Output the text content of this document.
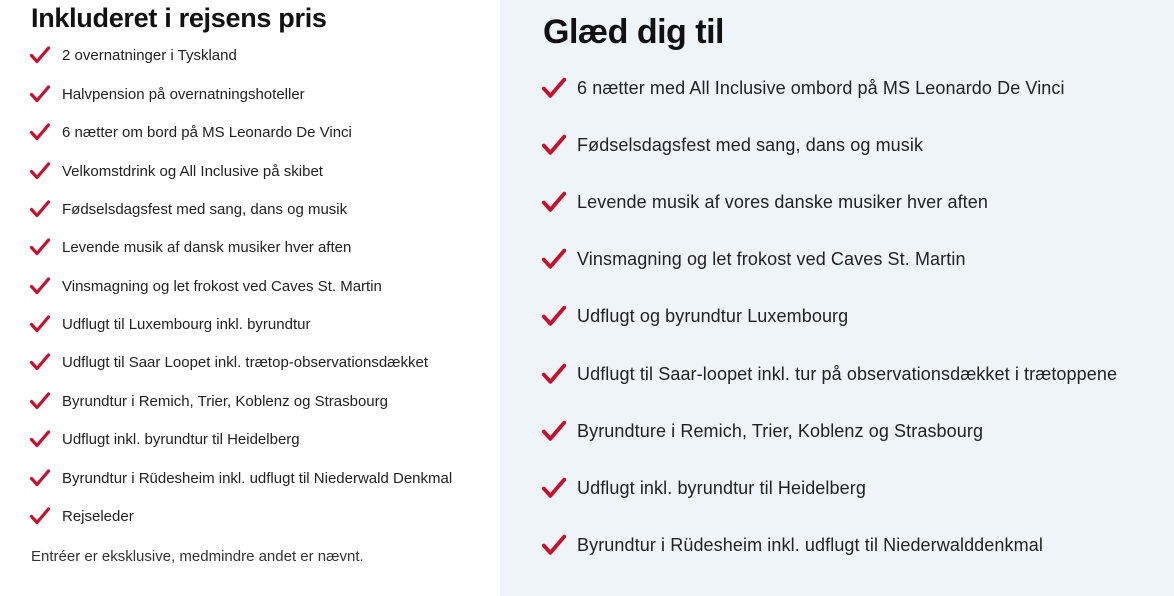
Inkluderet i rejsens pris
2 overnatninger i Tyskland
Halvpension på overnatningshoteller
6 nætter om bord på MS Leonardo De Vinci
Velkomstdrink og All Inclusive på skibet
Fødselsdagsfest med sang, dans og musik
Levende musik af dansk musiker hver aften
Vinsmagning og let frokost ved Caves St. Martin
Udflugt til Luxembourg inkl. byrundtur
Udflugt til Saar Loopet inkl. trætop-observationsdækket
Byrundtur i Remich, Trier, Koblenz og Strasbourg
Udflugt inkl. byrundtur til Heidelberg
Byrundtur i Rüdesheim inkl. udflugt til Niederwald Denkmal
Rejseleder

Entréer er eksklusive, medmindre andet er nævnt.

Glæd dig til
6 nætter med All Inclusive ombord på MS Leonardo De Vinci
Fødselsdagsfest med sang, dans og musik
Levende musik af vores danske musiker hver aften
Vinsmagning og let frokost ved Caves St. Martin
Udflugt og byrundtur Luxembourg
Udflugt til Saar-loopet inkl. tur på observationsdækket i trætoppene
Byrundture i Remich, Trier, Koblenz og Strasbourg
Udflugt inkl. byrundtur til Heidelberg
Byrundtur i Rüdesheim inkl. udflugt til Niederwalddenkmal
